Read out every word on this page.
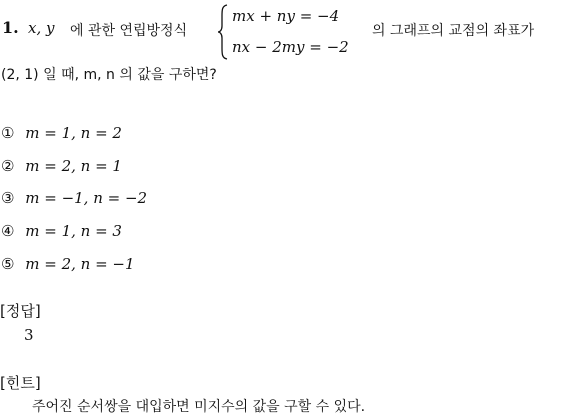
1. x, y 에 관한 연립방정식
mx + ny = −4
nx − 2my = −2
의 그래프의 교점의 좌표가
(2, 1) 일 때, m, n 의 값을 구하면?
① m = 1, n = 2
② m = 2, n = 1
③ m = −1, n = −2
④ m = 1, n = 3
⑤ m = 2, n = −1
[정답]
3
[힌트]
주어진 순서쌍을 대입하면 미지수의 값을 구할 수 있다.
